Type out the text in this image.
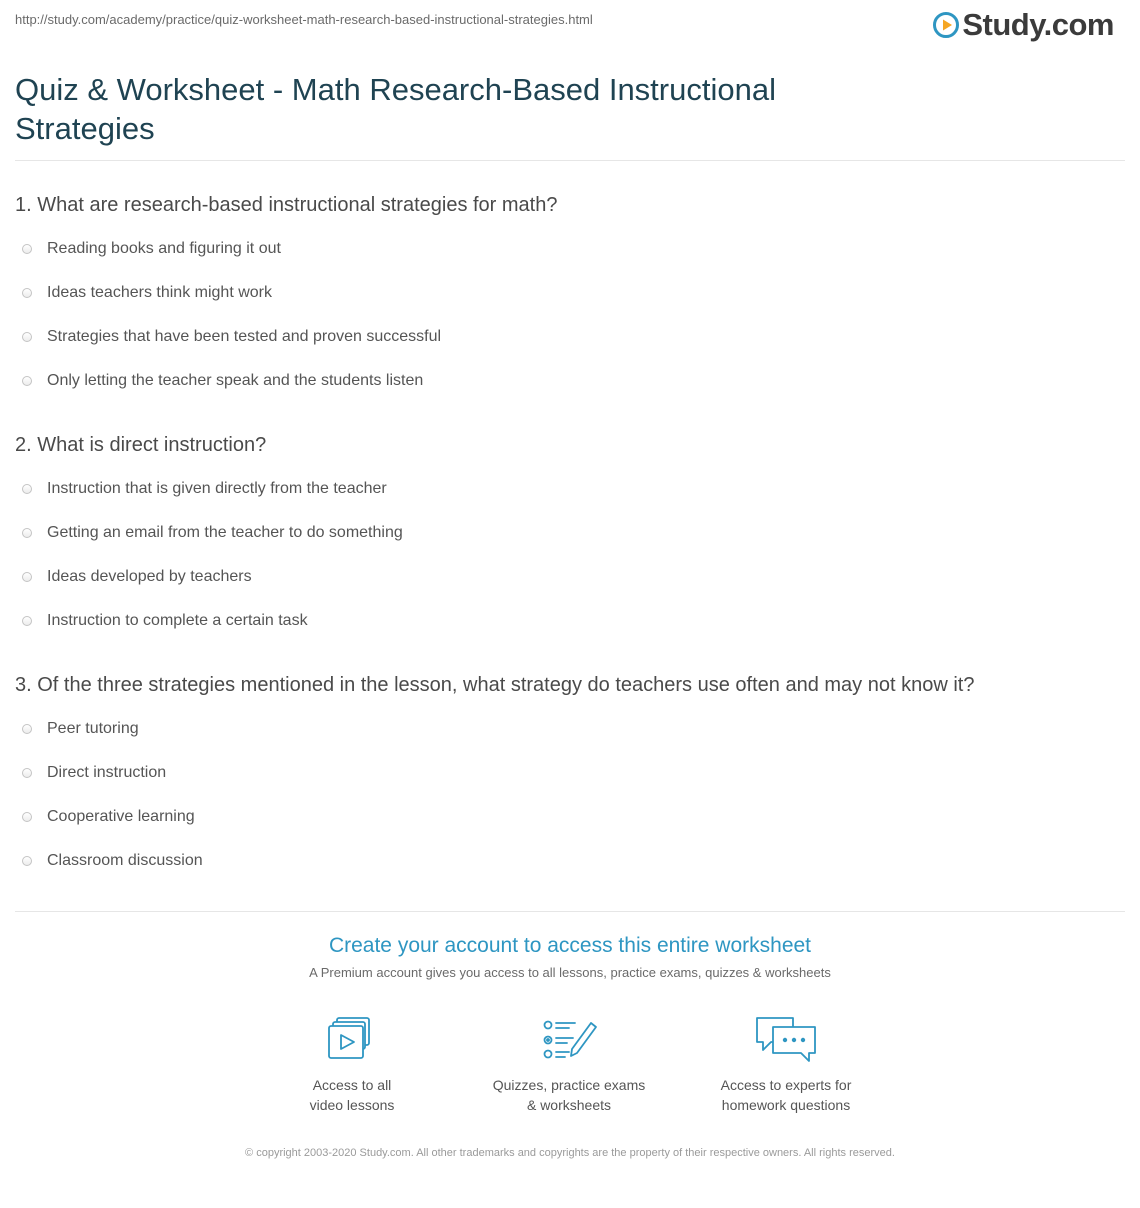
http://study.com/academy/practice/quiz-worksheet-math-research-based-instructional-strategies.html	Study.com
Quiz & Worksheet - Math Research-Based Instructional Strategies
1. What are research-based instructional strategies for math?
Reading books and figuring it out
Ideas teachers think might work
Strategies that have been tested and proven successful
Only letting the teacher speak and the students listen
2. What is direct instruction?
Instruction that is given directly from the teacher
Getting an email from the teacher to do something
Ideas developed by teachers
Instruction to complete a certain task
3. Of the three strategies mentioned in the lesson, what strategy do teachers use often and may not know it?
Peer tutoring
Direct instruction
Cooperative learning
Classroom discussion
Create your account to access this entire worksheet
A Premium account gives you access to all lessons, practice exams, quizzes & worksheets
Access to all
video lessons
Quizzes, practice exams
& worksheets
Access to experts for
homework questions
© copyright 2003-2020 Study.com. All other trademarks and copyrights are the property of their respective owners. All rights reserved.
